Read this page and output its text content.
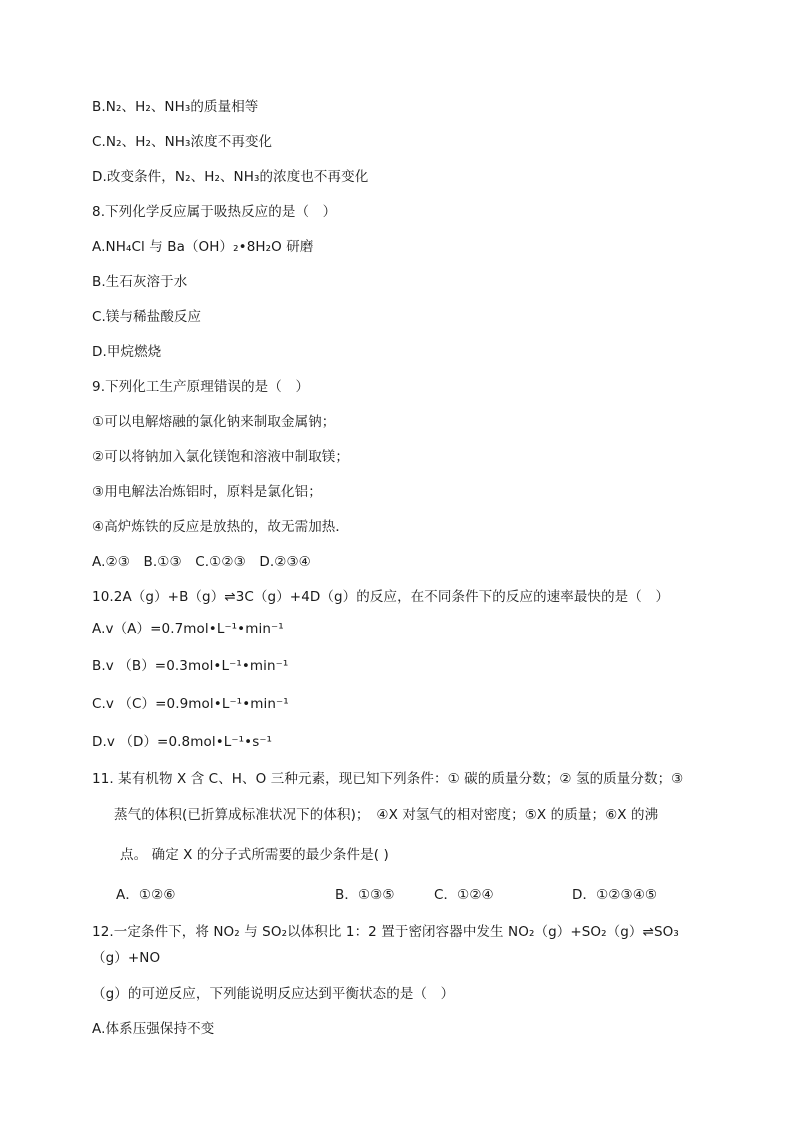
B.N₂、H₂、NH₃的质量相等
C.N₂、H₂、NH₃浓度不再变化
D.改变条件，N₂、H₂、NH₃的浓度也不再变化
8.下列化学反应属于吸热反应的是（　）
A.NH₄Cl 与 Ba（OH）₂•8H₂O 研磨
B.生石灰溶于水
C.镁与稀盐酸反应
D.甲烷燃烧
9.下列化工生产原理错误的是（　）
①可以电解熔融的氯化钠来制取金属钠；
②可以将钠加入氯化镁饱和溶液中制取镁；
③用电解法冶炼铝时，原料是氯化铝；
④高炉炼铁的反应是放热的，故无需加热．
A.②③　B.①③　C.①②③　D.②③④
10.2A（g）+B（g）⇌3C（g）+4D（g）的反应，在不同条件下的反应的速率最快的是（　）
A.v（A）=0.7mol•L⁻¹•min⁻¹
B.v （B）=0.3mol•L⁻¹•min⁻¹
C.v （C）=0.9mol•L⁻¹•min⁻¹
D.v （D）=0.8mol•L⁻¹•s⁻¹
11. 某有机物 X 含 C、H、O 三种元素，现已知下列条件：① 碳的质量分数；② 氢的质量分数；③
蒸气的体积(已折算成标准状况下的体积)；　④X 对氢气的相对密度；⑤X 的质量；⑥X 的沸
点。 确定 X 的分子式所需要的最少条件是( )
A．①②⑥	B．①③⑤	C．①②④	D．①②③④⑤
12.一定条件下，将 NO₂ 与 SO₂以体积比 1：2 置于密闭容器中发生 NO₂（g）+SO₂（g）⇌SO₃
（g）+NO
（g）的可逆反应，下列能说明反应达到平衡状态的是（　）
A.体系压强保持不变
